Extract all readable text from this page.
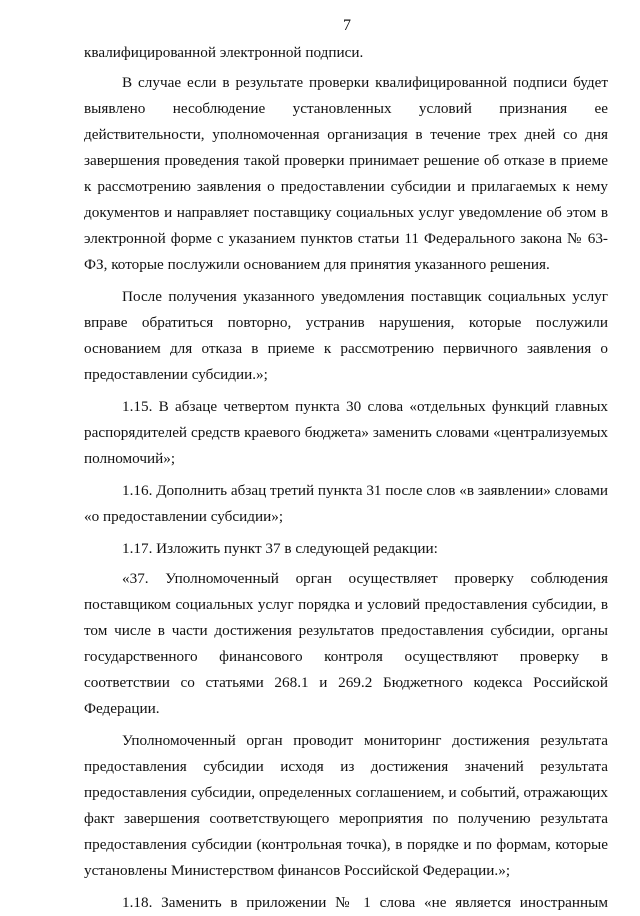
7

квалифицированной электронной подписи.

В случае если в результате проверки квалифицированной подписи будет выявлено несоблюдение установленных условий признания ее действительности, уполномоченная организация в течение трех дней со дня завершения проведения такой проверки принимает решение об отказе в приеме к рассмотрению заявления о предоставлении субсидии и прилагаемых к нему документов и направляет поставщику социальных услуг уведомление об этом в электронной форме с указанием пунктов статьи 11 Федерального закона № 63-ФЗ, которые послужили основанием для принятия указанного решения.

После получения указанного уведомления поставщик социальных услуг вправе обратиться повторно, устранив нарушения, которые послужили основанием для отказа в приеме к рассмотрению первичного заявления о предоставлении субсидии.»;

1.15. В абзаце четвертом пункта 30 слова «отдельных функций главных распорядителей средств краевого бюджета» заменить словами «централизуемых полномочий»;

1.16. Дополнить абзац третий пункта 31 после слов «в заявлении» словами «о предоставлении субсидии»;

1.17. Изложить пункт 37 в следующей редакции:

«37. Уполномоченный орган осуществляет проверку соблюдения поставщиком социальных услуг порядка и условий предоставления субсидии, в том числе в части достижения результатов предоставления субсидии, органы государственного финансового контроля осуществляют проверку в соответствии со статьями 268.1 и 269.2 Бюджетного кодекса Российской Федерации.

Уполномоченный орган проводит мониторинг достижения результата предоставления субсидии исходя из достижения значений результата предоставления субсидии, определенных соглашением, и событий, отражающих факт завершения соответствующего мероприятия по получению результата предоставления субсидии (контрольная точка), в порядке и по формам, которые установлены Министерством финансов Российской Федерации.»;

1.18. Заменить в приложении № 1 слова «не является иностранным
